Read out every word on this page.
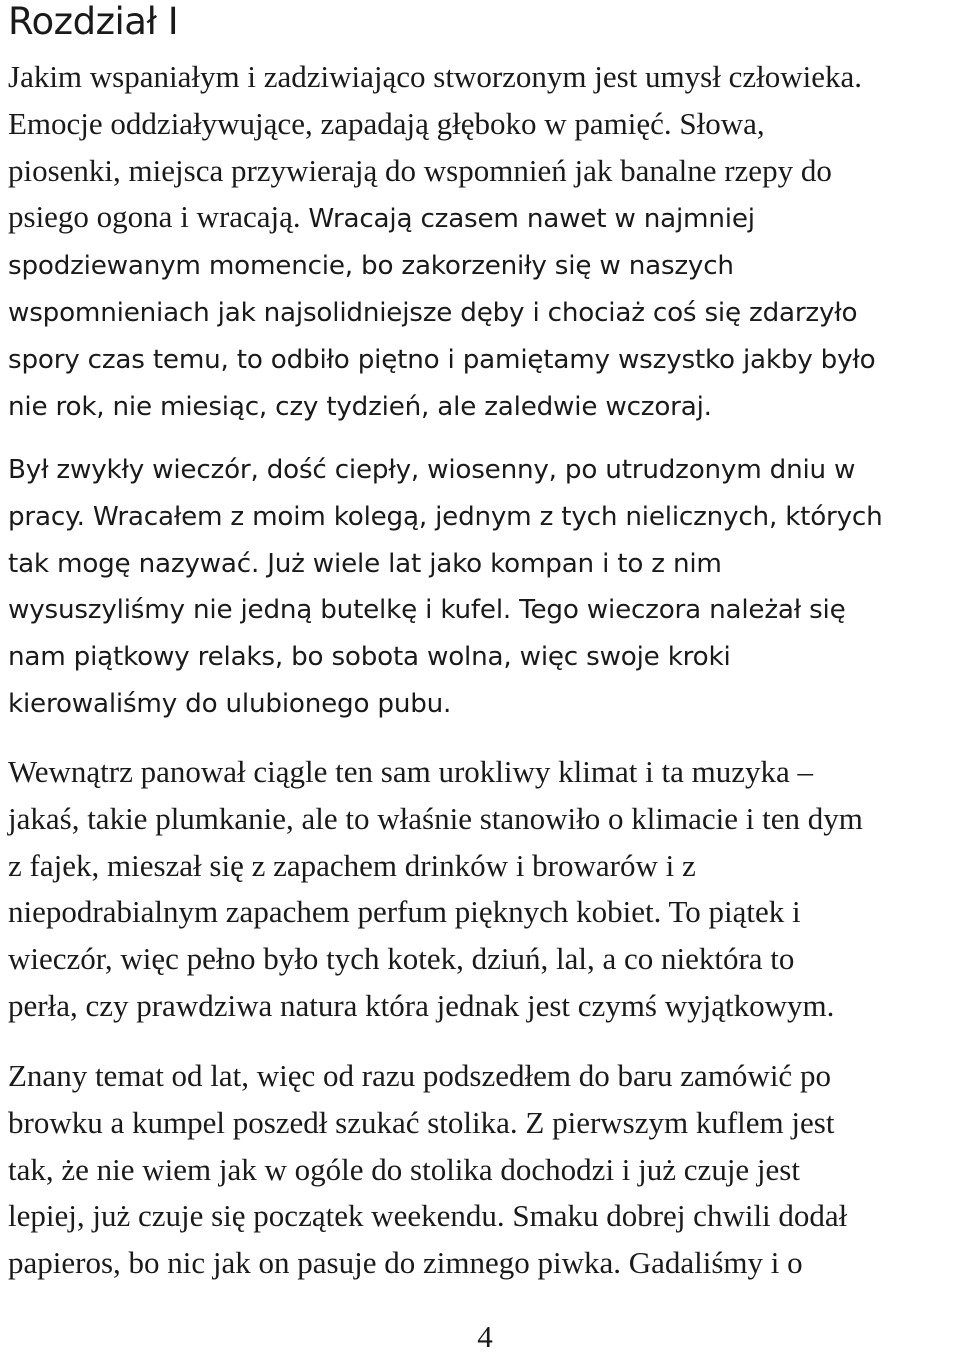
Rozdział I
Jakim wspaniałym i zadziwiająco stworzonym jest umysł człowieka.
Emocje oddziaływujące, zapadają głęboko w pamięć. Słowa,
piosenki, miejsca przywierają do wspomnień jak banalne rzepy do
psiego ogona i wracają. Wracają czasem nawet w najmniej
spodziewanym momencie, bo zakorzeniły się w naszych
wspomnieniach jak najsolidniejsze dęby i chociaż coś się zdarzyło
spory czas temu, to odbiło piętno i pamiętamy wszystko jakby było
nie rok, nie miesiąc, czy tydzień, ale zaledwie wczoraj.
Był zwykły wieczór, dość ciepły, wiosenny, po utrudzonym dniu w
pracy. Wracałem z moim kolegą, jednym z tych nielicznych, których
tak mogę nazywać. Już wiele lat jako kompan i to z nim
wysuszyliśmy nie jedną butelkę i kufel. Tego wieczora należał się
nam piątkowy relaks, bo sobota wolna, więc swoje kroki
kierowaliśmy do ulubionego pubu.
Wewnątrz panował ciągle ten sam urokliwy klimat i ta muzyka –
jakaś, takie plumkanie, ale to właśnie stanowiło o klimacie i ten dym
z fajek, mieszał się z zapachem drinków i browarów i z
niepodrabialnym zapachem perfum pięknych kobiet. To piątek i
wieczór, więc pełno było tych kotek, dziuń, lal, a co niektóra to
perła, czy prawdziwa natura która jednak jest czymś wyjątkowym.
Znany temat od lat, więc od razu podszedłem do baru zamówić po
browku a kumpel poszedł szukać stolika. Z pierwszym kuflem jest
tak, że nie wiem jak w ogóle do stolika dochodzi i już czuje jest
lepiej, już czuje się początek weekendu. Smaku dobrej chwili dodał
papieros, bo nic jak on pasuje do zimnego piwka. Gadaliśmy i o
4
